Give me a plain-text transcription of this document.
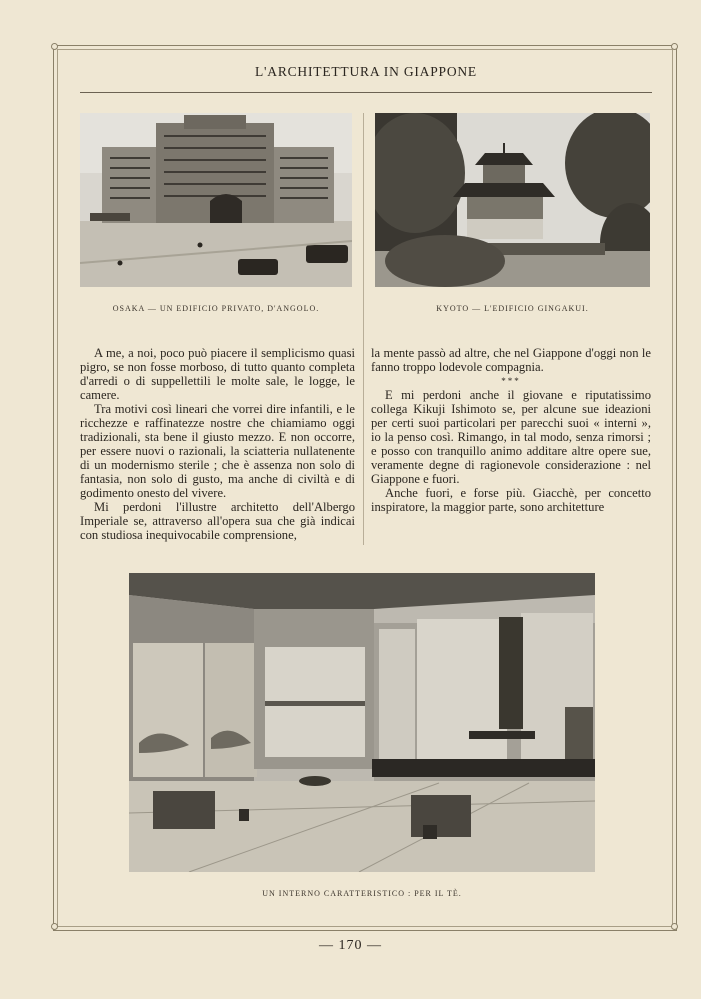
L'ARCHITETTURA IN GIAPPONE
OSAKA — UN EDIFICIO PRIVATO, D'ANGOLO.	KYOTO — L'EDIFICIO GINGAKUI.

A me, a noi, poco può piacere il semplicismo quasi pigro, se non fosse morboso, di tutto quanto completa d'arredi o di suppellettili le molte sale, le logge, le camere.

Tra motivi così lineari che vorrei dire infantili, e le ricchezze e raffinatezze nostre che chiamiamo oggi tradizionali, sta bene il giusto mezzo. E non occorre, per essere nuovi o razionali, la sciatteria nullatenente di un modernismo sterile ; che è assenza non solo di fantasia, non solo di gusto, ma anche di civiltà e di godimento onesto del vivere.

Mi perdoni l'illustre architetto dell'Albergo Imperiale se, attraverso all'opera sua che già indicai con studiosa inequivocabile comprensione,

la mente passò ad altre, che nel Giappone d'oggi non le fanno troppo lodevole compagnia.

***

E mi perdoni anche il giovane e riputatissimo collega Kikuji Ishimoto se, per alcune sue ideazioni per certi suoi particolari per parecchi suoi « interni », io la penso così. Rimango, in tal modo, senza rimorsi ; e posso con tranquillo animo additare altre opere sue, veramente degne di ragionevole considerazione : nel Giappone e fuori.

Anche fuori, e forse più. Giacchè, per concetto inspiratore, la maggior parte, sono architetture

UN INTERNO CARATTERISTICO : PER IL TÈ.
— 170 —
